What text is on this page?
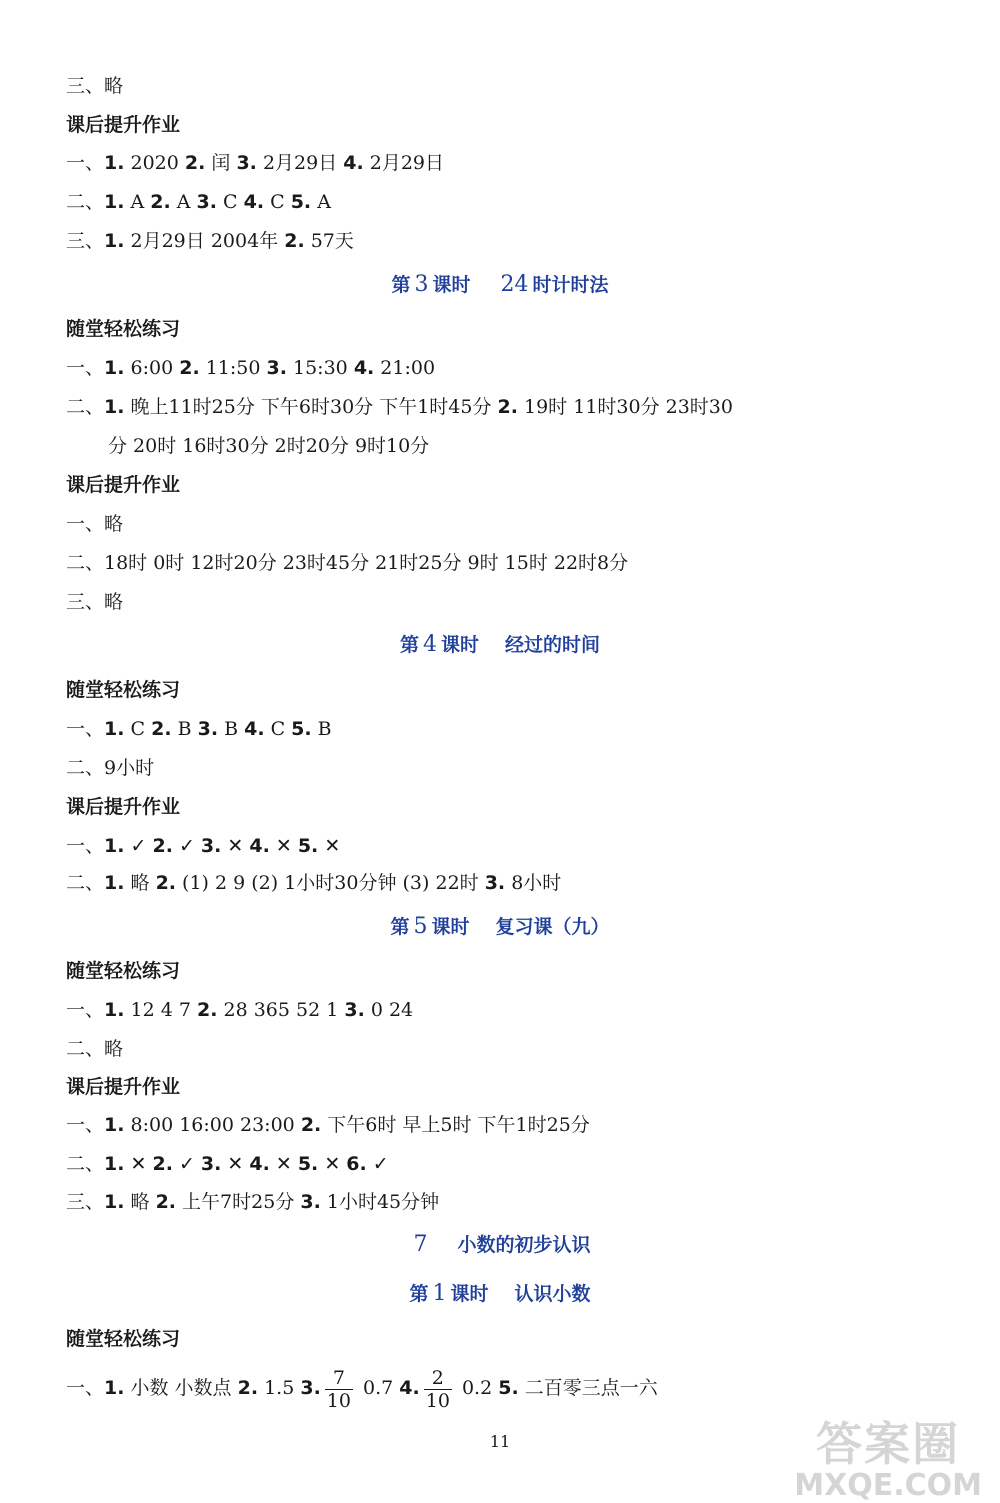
三、略
课后提升作业
一、1. 2020 2. 闰 3. 2月29日 4. 2月29日
二、1. A 2. A 3. C 4. C 5. A
三、1. 2月29日 2004年 2. 57天
第 3 课时 24 时计时法
随堂轻松练习
一、1. 6:00 2. 11:50 3. 15:30 4. 21:00
二、1. 晚上11时25分 下午6时30分 下午1时45分 2. 19时 11时30分 23时30
分 20时 16时30分 2时20分 9时10分
课后提升作业
一、略
二、18时 0时 12时20分 23时45分 21时25分 9时 15时 22时8分
三、略
第 4 课时 经过的时间
随堂轻松练习
一、1. C 2. B 3. B 4. C 5. B
二、9小时
课后提升作业
一、1. ✓ 2. ✓ 3. ✕ 4. ✕ 5. ✕
二、1. 略 2. (1) 2 9 (2) 1小时30分钟 (3) 22时 3. 8小时
第 5 课时 复习课（九）
随堂轻松练习
一、1. 12 4 7 2. 28 365 52 1 3. 0 24
二、略
课后提升作业
一、1. 8:00 16:00 23:00 2. 下午6时 早上5时 下午1时25分
二、1. ✕ 2. ✓ 3. ✕ 4. ✕ 5. ✕ 6. ✓
三、1. 略 2. 上午7时25分 3. 1小时45分钟
7 小数的初步认识
第 1 课时 认识小数
随堂轻松练习
一、1. 小数 小数点 2. 1.5 3. $\frac{7}{10} 0.7$ 4. $\frac{2}{10} 0.2$ 5. 二百零三点一六
11	答案圈
MXQE.COM
